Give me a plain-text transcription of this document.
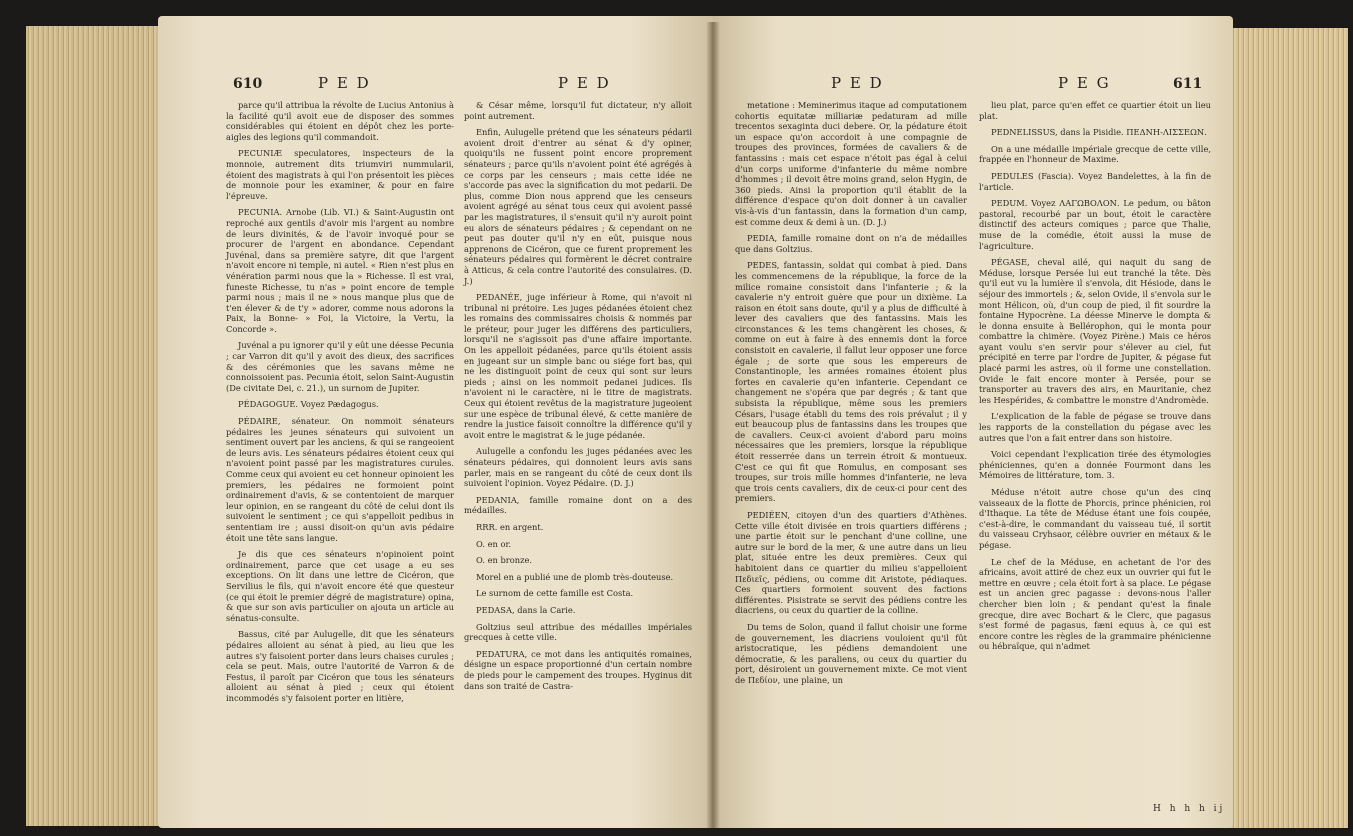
610	P E D	P E D

parce qu'il attribua la révolte de Lucius Antonius à la facilité qu'il avoit eue de disposer des sommes considérables qui étoient en dépôt chez les porte-aigles des legions qu'il commandoit.

PECUNIÆ speculatores, inspecteurs de la monnoie, autrement dits triumviri nummularii, étoient des magistrats à qui l'on présentoit les pièces de monnoie pour les examiner, & pour en faire l'épreuve.

PECUNIA. Arnobe (Lib. VI.) & Saint-Augustin ont reproché aux gentils d'avoir mis l'argent au nombre de leurs divinités, & de l'avoir invoqué pour se procurer de l'argent en abondance. Cependant Juvénal, dans sa première satyre, dit que l'argent n'avoit encore ni temple, ni autel. « Rien n'est plus en vénération parmi nous que la » Richesse. Il est vrai, funeste Richesse, tu n'as » point encore de temple parmi nous ; mais il ne » nous manque plus que de t'en élever & de t'y » adorer, comme nous adorons la Paix, la Bonne- » Foi, la Victoire, la Vertu, la Concorde ».

Juvénal a pu ignorer qu'il y eût une déesse Pecunia ; car Varron dit qu'il y avoit des dieux, des sacrifices & des cérémonies que les savans même ne connoissoient pas. Pecunia étoit, selon Saint-Augustin (De civitate Dei, c. 21.), un surnom de Jupiter.

PÉDAGOGUE. Voyez Pædagogus.

PÉDAIRE, sénateur. On nommoit sénateurs pédaires les jeunes sénateurs qui suivoient un sentiment ouvert par les anciens, & qui se rangeoient de leurs avis. Les sénateurs pédaires étoient ceux qui n'avoient point passé par les magistratures curules. Comme ceux qui avoient eu cet honneur opinoient les premiers, les pédaires ne formoient point ordinairement d'avis, & se contentoient de marquer leur opinion, en se rangeant du côté de celui dont ils suivoient le sentiment ; ce qui s'appelloit pedibus in sententiam ire ; aussi disoit-on qu'un avis pédaire étoit une tête sans langue.

Je dis que ces sénateurs n'opinoient point ordinairement, parce que cet usage a eu ses exceptions. On lit dans une lettre de Cicéron, que Servilius le fils, qui n'avoit encore été que questeur (ce qui étoit le premier dégré de magistrature) opina, & que sur son avis particulier on ajouta un article au sénatus-consulte.

Bassus, cité par Aulugelle, dit que les sénateurs pédaires alloient au sénat à pied, au lieu que les autres s'y faisoient porter dans leurs chaises curules ; cela se peut. Mais, outre l'autorité de Varron & de Festus, il paroît par Cicéron que tous les sénateurs alloient au sénat à pied ; ceux qui étoient incommodés s'y faisoient porter en litière,

& César même, lorsqu'il fut dictateur, n'y alloit point autrement.

Enfin, Aulugelle prétend que les sénateurs pédarii avoient droit d'entrer au sénat & d'y opiner, quoiqu'ils ne fussent point encore proprement sénateurs ; parce qu'ils n'avoient point été agrégés à ce corps par les censeurs ; mais cette idée ne s'accorde pas avec la signification du mot pedarii. De plus, comme Dion nous apprend que les censeurs avoient agrégé au sénat tous ceux qui avoient passé par les magistratures, il s'ensuit qu'il n'y auroit point eu alors de sénateurs pédaires ; & cependant on ne peut pas douter qu'il n'y en eût, puisque nous apprenons de Cicéron, que ce furent proprement les sénateurs pédaires qui formèrent le décret contraire à Atticus, & cela contre l'autorité des consulaires. (D. J.)

PEDANÉE, juge inférieur à Rome, qui n'avoit ni tribunal ni prétoire. Les juges pédanées étoient chez les romains des commissaires choisis & nommés par le préteur, pour juger les différens des particuliers, lorsqu'il ne s'agissoit pas d'une affaire importante. On les appelloit pédanées, parce qu'ils étoient assis en jugeant sur un simple banc ou siége fort bas, qui ne les distinguoit point de ceux qui sont sur leurs pieds ; ainsi on les nommoit pedanei judices. Ils n'avoient ni le caractère, ni le titre de magistrats. Ceux qui étoient revêtus de la magistrature jugeoient sur une espèce de tribunal élevé, & cette manière de rendre la justice faisoit connoître la différence qu'il y avoit entre le magistrat & le juge pédanée.

Aulugelle a confondu les juges pédanées avec les sénateurs pédaires, qui donnoient leurs avis sans parler, mais en se rangeant du côté de ceux dont ils suivoient l'opinion. Voyez Pédaire. (D. J.)

PEDANIA, famille romaine dont on a des médailles.

RRR. en argent.

O. en or.

O. en bronze.

Morel en a publié une de plomb très-douteuse.

Le surnom de cette famille est Costa.

PEDASA, dans la Carie.

Goltzius seul attribue des médailles impériales grecques à cette ville.

PEDATURA, ce mot dans les antiquités romaines, désigne un espace proportionné d'un certain nombre de pieds pour le campement des troupes. Hyginus dit dans son traité de Castra-

P E D	P E G	611

metatione : Meminerimus itaque ad computationem cohortis equitatæ milliariæ pedaturam ad mille trecentos sexaginta duci debere. Or, la pédature étoit un espace qu'on accordoit à une compagnie de troupes des provinces, formées de cavaliers & de fantassins : mais cet espace n'étoit pas égal à celui d'un corps uniforme d'infanterie du même nombre d'hommes ; il devoit être moins grand, selon Hygin, de 360 pieds. Ainsi la proportion qu'il établit de la différence d'espace qu'on doit donner à un cavalier vis-à-vis d'un fantassin, dans la formation d'un camp, est comme deux & demi à un. (D. J.)

PEDIA, famille romaine dont on n'a de médailles que dans Goltzius.

PEDES, fantassin, soldat qui combat à pied. Dans les commencemens de la république, la force de la milice romaine consistoit dans l'infanterie ; & la cavalerie n'y entroit guère que pour un dixième. La raison en étoit sans doute, qu'il y a plus de difficulté à lever des cavaliers que des fantassins. Mais les circonstances & les tems changèrent les choses, & comme on eut à faire à des ennemis dont la force consistoit en cavalerie, il fallut leur opposer une force égale ; de sorte que sous les empereurs de Constantinople, les armées romaines étoient plus fortes en cavalerie qu'en infanterie. Cependant ce changement ne s'opéra que par degrés ; & tant que subsista la république, même sous les premiers Césars, l'usage établi du tems des rois prévalut ; il y eut beaucoup plus de fantassins dans les troupes que de cavaliers. Ceux-ci avoient d'abord paru moins nécessaires que les premiers, lorsque la république étoit resserrée dans un terrein étroit & montueux. C'est ce qui fit que Romulus, en composant ses troupes, sur trois mille hommes d'infanterie, ne leva que trois cents cavaliers, dix de ceux-ci pour cent des premiers.

PEDIÉEN, citoyen d'un des quartiers d'Athènes. Cette ville étoit divisée en trois quartiers différens ; une partie étoit sur le penchant d'une colline, une autre sur le bord de la mer, & une autre dans un lieu plat, située entre les deux premières. Ceux qui habitoient dans ce quartier du milieu s'appelloient Πεδιεῖς, pédiens, ou comme dit Aristote, pédiaques. Ces quartiers formoient souvent des factions différentes. Pisistrate se servit des pédiens contre les diacriens, ou ceux du quartier de la colline.

Du tems de Solon, quand il fallut choisir une forme de gouvernement, les diacriens vouloient qu'il fût aristocratique, les pédiens demandoient une démocratie, & les paraliens, ou ceux du quartier du port, désiroient un gouvernement mixte. Ce mot vient de Πεδίον, une plaine, un

lieu plat, parce qu'en effet ce quartier étoit un lieu plat.

PEDNELISSUS, dans la Pisidie. ΠΕΔΝΗ-ΛΙΣΣΕΩΝ.

On a une médaille impériale grecque de cette ville, frappée en l'honneur de Maxime.

PEDULES (Fascia). Voyez Bandelettes, à la fin de l'article.

PEDUM. Voyez ΛΑΓΩΒΟΛΟΝ. Le pedum, ou bâton pastoral, recourbé par un bout, étoit le caractère distinctif des acteurs comiques ; parce que Thalie, muse de la comédie, étoit aussi la muse de l'agriculture.

PÉGASE, cheval ailé, qui naquit du sang de Méduse, lorsque Persée lui eut tranché la tête. Dès qu'il eut vu la lumière il s'envola, dit Hésiode, dans le séjour des immortels ; &, selon Ovide, il s'envola sur le mont Hélicon, où, d'un coup de pied, il fit sourdre la fontaine Hypocrène. La déesse Minerve le dompta & le donna ensuite à Bellérophon, qui le monta pour combattre la chimère. (Voyez Pirène.) Mais ce héros ayant voulu s'en servir pour s'élever au ciel, fut précipité en terre par l'ordre de Jupiter, & pégase fut placé parmi les astres, où il forme une constellation. Ovide le fait encore monter à Persée, pour se transporter au travers des airs, en Mauritanie, chez les Hespérides, & combattre le monstre d'Andromède.

L'explication de la fable de pégase se trouve dans les rapports de la constellation du pégase avec les autres que l'on a fait entrer dans son histoire.

Voici cependant l'explication tirée des étymologies phéniciennes, qu'en a donnée Fourmont dans les Mémoires de littérature, tom. 3.

Méduse n'étoit autre chose qu'un des cinq vaisseaux de la flotte de Phorcis, prince phénicien, roi d'Ithaque. La tête de Méduse étant une fois coupée, c'est-à-dire, le commandant du vaisseau tué, il sortit du vaisseau Cryhsaor, célèbre ouvrier en métaux & le pégase.

Le chef de la Méduse, en achetant de l'or des africains, avoit attiré de chez eux un ouvrier qui fut le mettre en œuvre ; cela étoit fort à sa place. Le pégase est un ancien grec pagasse : devons-nous l'aller chercher bien loin ; & pendant qu'est la finale grecque, dire avec Bochart & le Clerc, que pagasus s'est formé de pagasus, fæni equus à, ce qui est encore contre les règles de la grammaire phénicienne ou hébraïque, qui n'admet

H h h h ij
